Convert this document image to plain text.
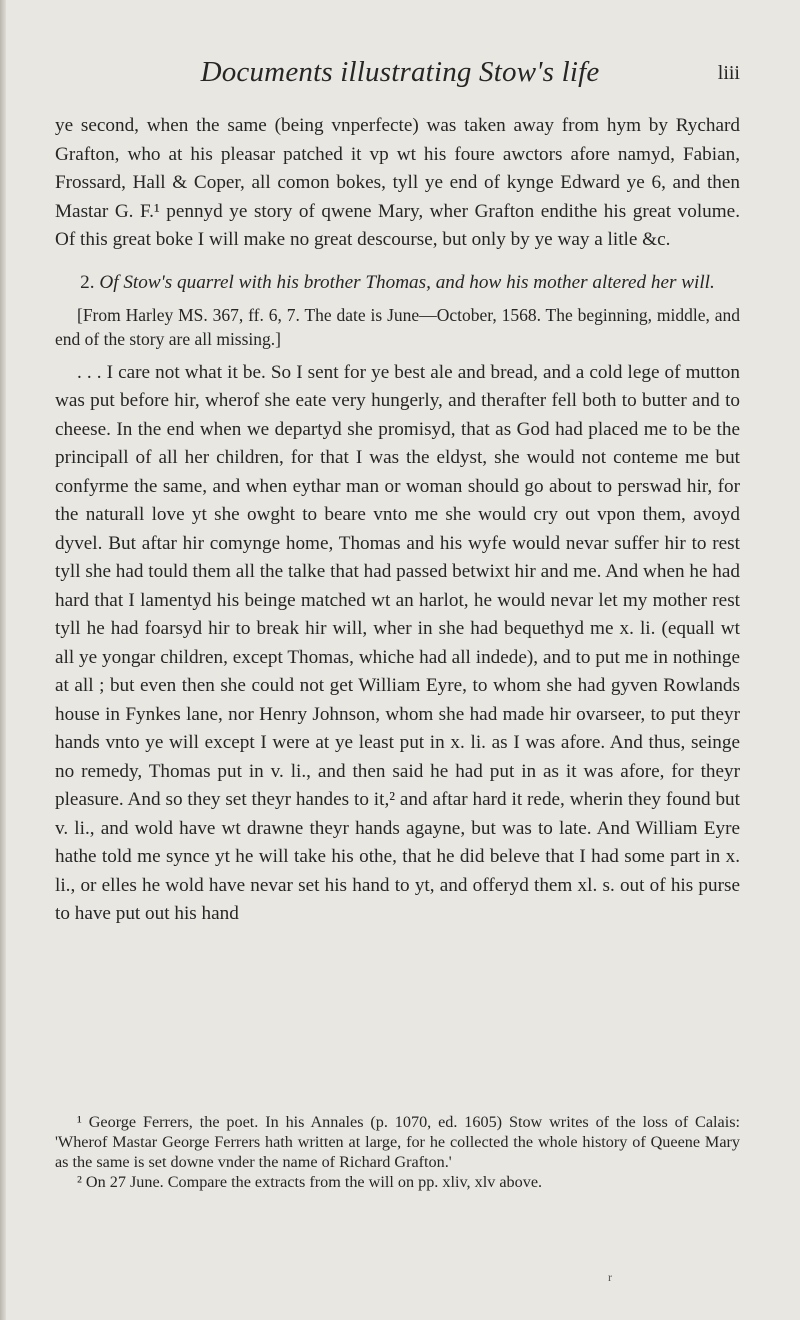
Documents illustrating Stow's life	liii

ye second, when the same (being vnperfecte) was taken away from hym by Rychard Grafton, who at his pleasar patched it vp wt his foure awctors afore namyd, Fabian, Frossard, Hall & Coper, all comon bokes, tyll ye end of kynge Edward ye 6, and then Mastar G. F.¹ pennyd ye story of qwene Mary, wher Grafton endithe his great volume. Of this great boke I will make no great descourse, but only by ye way a litle &c.

2. Of Stow's quarrel with his brother Thomas, and how his mother altered her will.

[From Harley MS. 367, ff. 6, 7. The date is June—October, 1568. The beginning, middle, and end of the story are all missing.]

. . . I care not what it be. So I sent for ye best ale and bread, and a cold lege of mutton was put before hir, wherof she eate very hungerly, and therafter fell both to butter and to cheese. In the end when we departyd she promisyd, that as God had placed me to be the principall of all her children, for that I was the eldyst, she would not conteme me but confyrme the same, and when eythar man or woman should go about to perswad hir, for the naturall love yt she owght to beare vnto me she would cry out vpon them, avoyd dyvel. But aftar hir comynge home, Thomas and his wyfe would nevar suffer hir to rest tyll she had tould them all the talke that had passed betwixt hir and me. And when he had hard that I lamentyd his beinge matched wt an harlot, he would nevar let my mother rest tyll he had foarsyd hir to break hir will, wher in she had bequethyd me x. li. (equall wt all ye yongar children, except Thomas, whiche had all indede), and to put me in nothinge at all ; but even then she could not get William Eyre, to whom she had gyven Rowlands house in Fynkes lane, nor Henry Johnson, whom she had made hir ovarseer, to put theyr hands vnto ye will except I were at ye least put in x. li. as I was afore. And thus, seinge no remedy, Thomas put in v. li., and then said he had put in as it was afore, for theyr pleasure. And so they set theyr handes to it,² and aftar hard it rede, wherin they found but v. li., and wold have wt drawne theyr hands agayne, but was to late. And William Eyre hathe told me synce yt he will take his othe, that he did beleve that I had some part in x. li., or elles he wold have nevar set his hand to yt, and offeryd them xl. s. out of his purse to have put out his hand

¹ George Ferrers, the poet. In his Annales (p. 1070, ed. 1605) Stow writes of the loss of Calais: 'Wherof Mastar George Ferrers hath written at large, for he collected the whole history of Queene Mary as the same is set downe vnder the name of Richard Grafton.'

² On 27 June. Compare the extracts from the will on pp. xliv, xlv above.

r
